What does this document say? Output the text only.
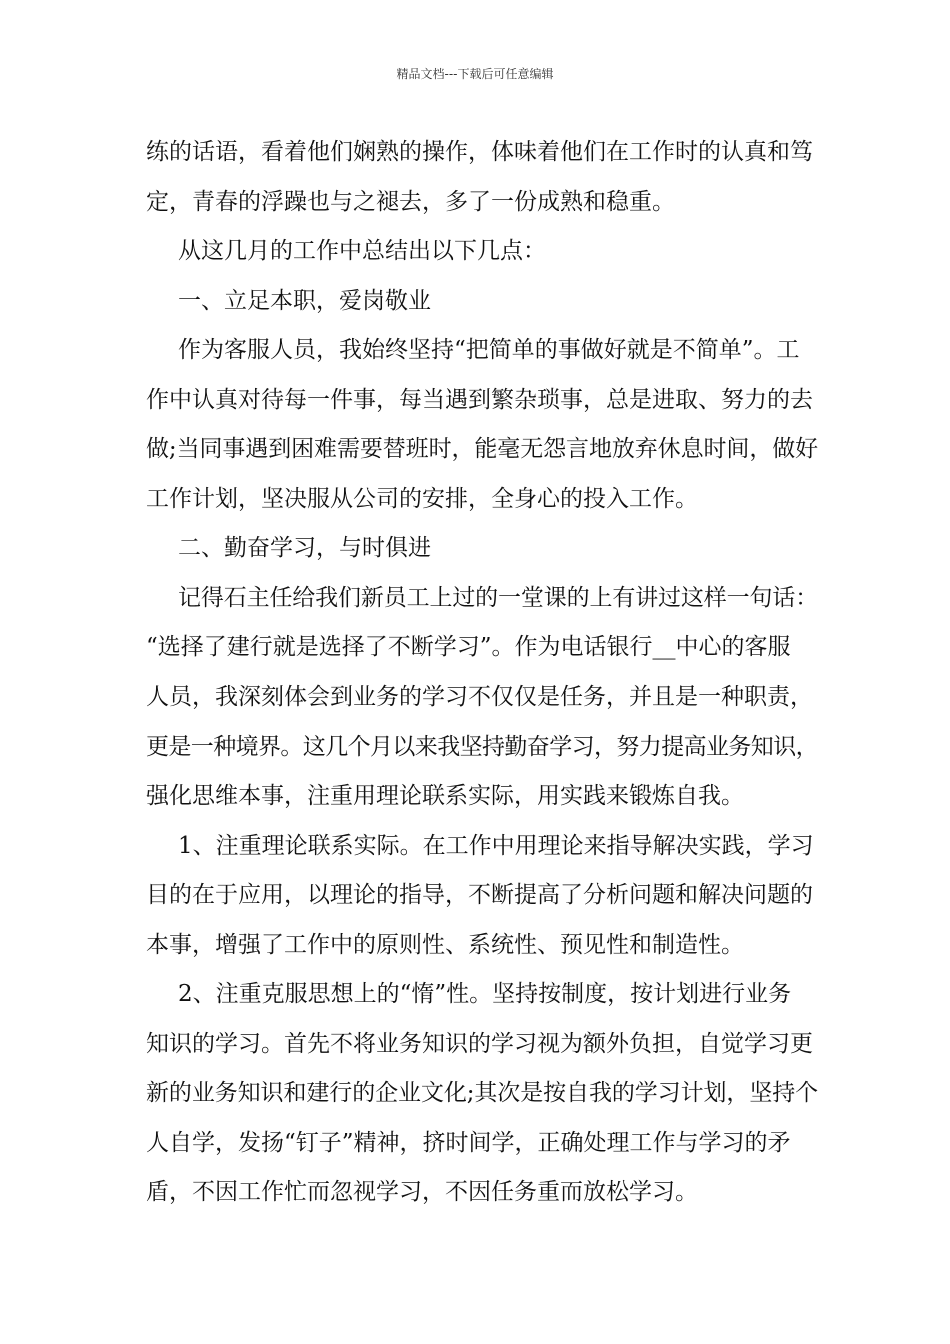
精品文档---下载后可任意编辑
练的话语，看着他们娴熟的操作，体味着他们在工作时的认真和笃
定，青春的浮躁也与之褪去，多了一份成熟和稳重。
从这几月的工作中总结出以下几点：
一、立足本职，爱岗敬业
作为客服人员，我始终坚持“把简单的事做好就是不简单”。工
作中认真对待每一件事，每当遇到繁杂琐事，总是进取、努力的去
做;当同事遇到困难需要替班时，能毫无怨言地放弃休息时间，做好
工作计划，坚决服从公司的安排，全身心的投入工作。
二、勤奋学习，与时俱进
记得石主任给我们新员工上过的一堂课的上有讲过这样一句话：
“选择了建行就是选择了不断学习”。作为电话银行__中心的客服
人员，我深刻体会到业务的学习不仅仅是任务，并且是一种职责，
更是一种境界。这几个月以来我坚持勤奋学习，努力提高业务知识，
强化思维本事，注重用理论联系实际，用实践来锻炼自我。
1、注重理论联系实际。在工作中用理论来指导解决实践，学习
目的在于应用，以理论的指导，不断提高了分析问题和解决问题的
本事，增强了工作中的原则性、系统性、预见性和制造性。
2、注重克服思想上的“惰”性。坚持按制度，按计划进行业务
知识的学习。首先不将业务知识的学习视为额外负担，自觉学习更
新的业务知识和建行的企业文化;其次是按自我的学习计划，坚持个
人自学，发扬“钉子”精神，挤时间学，正确处理工作与学习的矛
盾，不因工作忙而忽视学习，不因任务重而放松学习。
